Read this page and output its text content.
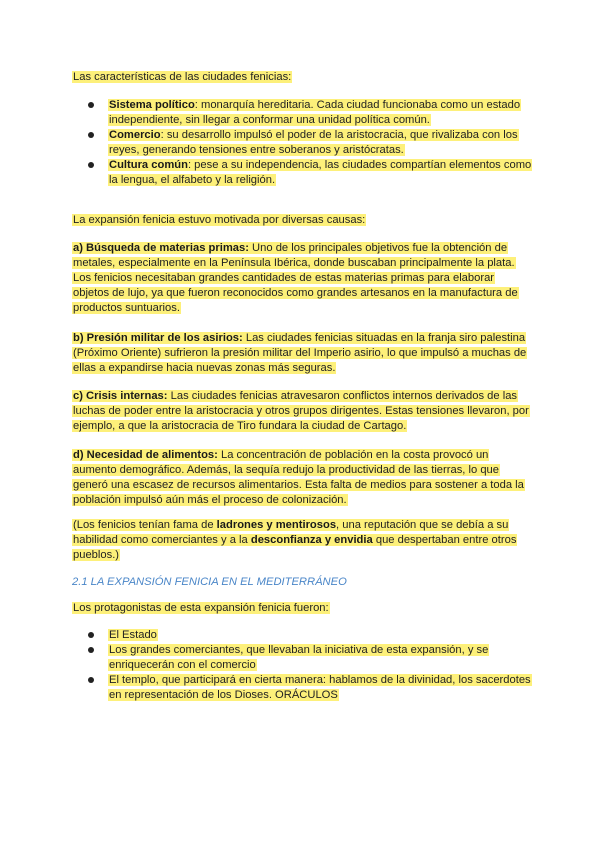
Las características de las ciudades fenicias:
Sistema político: monarquía hereditaria. Cada ciudad funcionaba como un estado independiente, sin llegar a conformar una unidad política común.
Comercio: su desarrollo impulsó el poder de la aristocracia, que rivalizaba con los reyes, generando tensiones entre soberanos y aristócratas.
Cultura común: pese a su independencia, las ciudades compartían elementos como la lengua, el alfabeto y la religión.
La expansión fenicia estuvo motivada por diversas causas:
a) Búsqueda de materias primas: Uno de los principales objetivos fue la obtención de metales, especialmente en la Península Ibérica, donde buscaban principalmente la plata. Los fenicios necesitaban grandes cantidades de estas materias primas para elaborar objetos de lujo, ya que fueron reconocidos como grandes artesanos en la manufactura de productos suntuarios.
b) Presión militar de los asirios: Las ciudades fenicias situadas en la franja siro palestina (Próximo Oriente) sufrieron la presión militar del Imperio asirio, lo que impulsó a muchas de ellas a expandirse hacia nuevas zonas más seguras.
c) Crisis internas: Las ciudades fenicias atravesaron conflictos internos derivados de las luchas de poder entre la aristocracia y otros grupos dirigentes. Estas tensiones llevaron, por ejemplo, a que la aristocracia de Tiro fundara la ciudad de Cartago.
d) Necesidad de alimentos: La concentración de población en la costa provocó un aumento demográfico. Además, la sequía redujo la productividad de las tierras, lo que generó una escasez de recursos alimentarios. Esta falta de medios para sostener a toda la población impulsó aún más el proceso de colonización.
(Los fenicios tenían fama de ladrones y mentirosos, una reputación que se debía a su habilidad como comerciantes y a la desconfianza y envidia que despertaban entre otros pueblos.)
2.1 LA EXPANSIÓN FENICIA EN EL MEDITERRÁNEO
Los protagonistas de esta expansión fenicia fueron:
El Estado
Los grandes comerciantes, que llevaban la iniciativa de esta expansión, y se enriquecerán con el comercio
El templo, que participará en cierta manera: hablamos de la divinidad, los sacerdotes en representación de los Dioses. ORÁCULOS
